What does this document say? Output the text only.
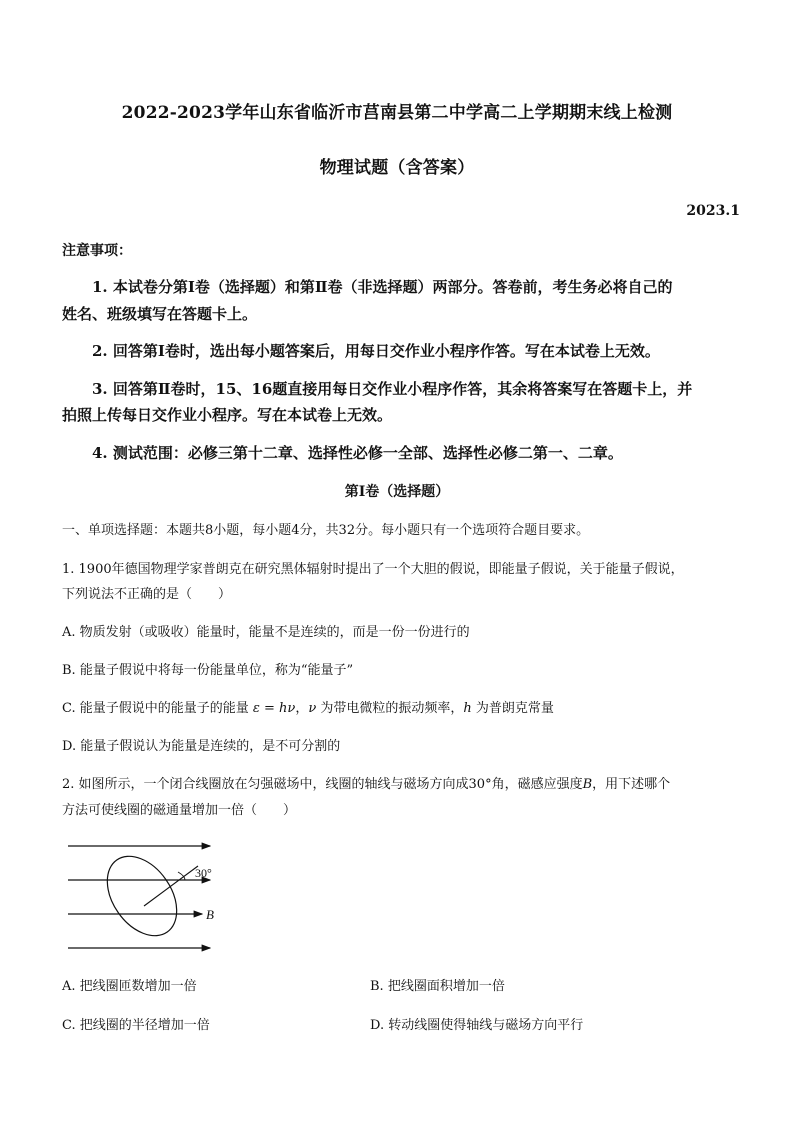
2022-2023学年山东省临沂市莒南县第二中学高二上学期期末线上检测
物理试题（含答案）
2023.1
注意事项：
1. 本试卷分第Ⅰ卷（选择题）和第Ⅱ卷（非选择题）两部分。答卷前，考生务必将自己的
姓名、班级填写在答题卡上。
2. 回答第Ⅰ卷时，选出每小题答案后，用每日交作业小程序作答。写在本试卷上无效。
3. 回答第Ⅱ卷时，15、16题直接用每日交作业小程序作答，其余将答案写在答题卡上，并
拍照上传每日交作业小程序。写在本试卷上无效。
4. 测试范围：必修三第十二章、选择性必修一全部、选择性必修二第一、二章。
第Ⅰ卷（选择题）
一、单项选择题：本题共8小题，每小题4分，共32分。每小题只有一个选项符合题目要求。
1. 1900年德国物理学家普朗克在研究黑体辐射时提出了一个大胆的假说，即能量子假说，关于能量子假说，
下列说法不正确的是（　　）
A. 物质发射（或吸收）能量时，能量不是连续的，而是一份一份进行的
B. 能量子假说中将每一份能量单位，称为“能量子”
C. 能量子假说中的能量子的能量 ε = hν，ν 为带电微粒的振动频率，h 为普朗克常量
D. 能量子假说认为能量是连续的，是不可分割的
2. 如图所示，一个闭合线圈放在匀强磁场中，线圈的轴线与磁场方向成30°角，磁感应强度B，用下述哪个
方法可使线圈的磁通量增加一倍（　　）
30°
B
A. 把线圈匝数增加一倍	B. 把线圈面积增加一倍
C. 把线圈的半径增加一倍	D. 转动线圈使得轴线与磁场方向平行
